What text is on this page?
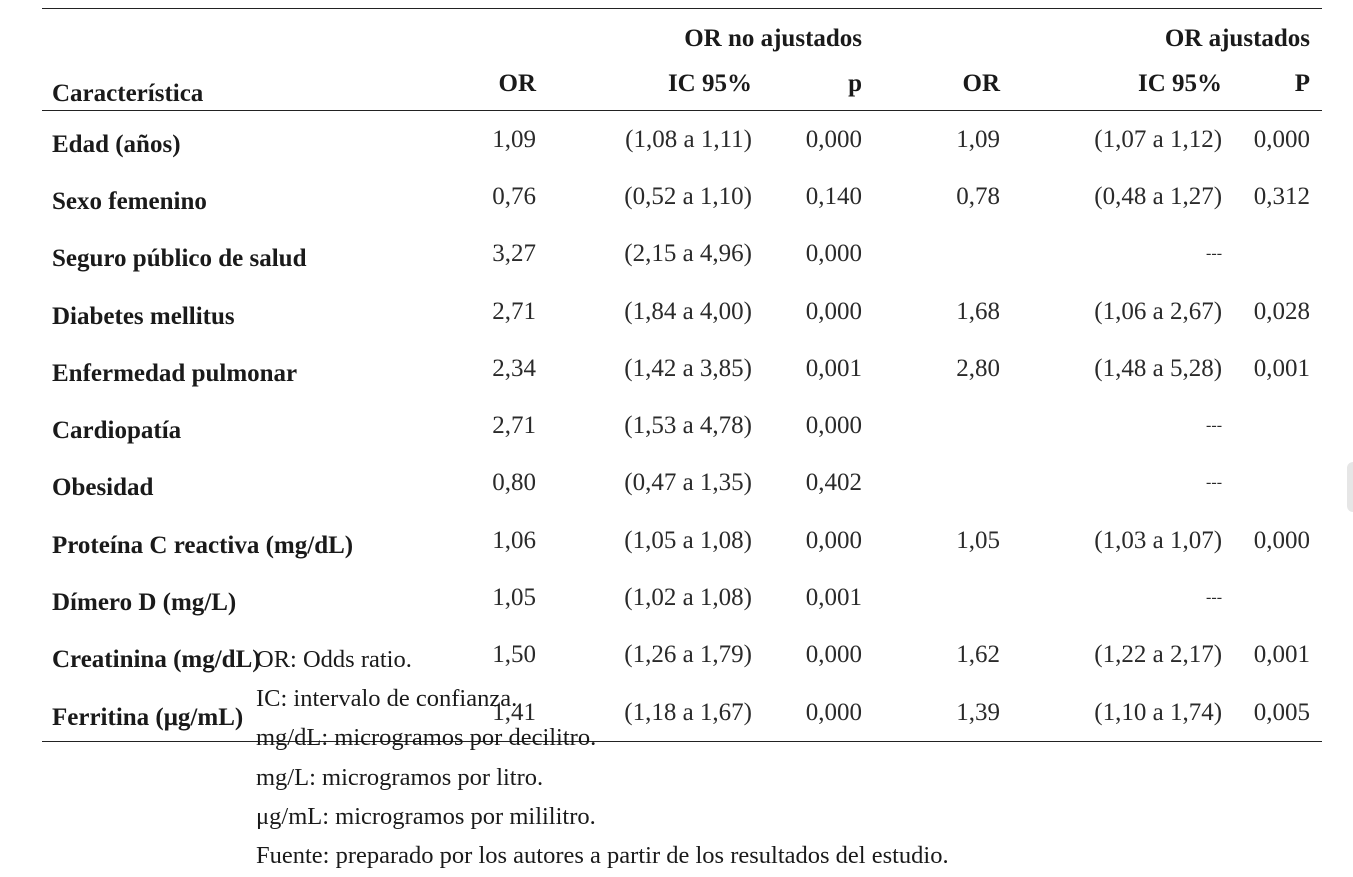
	OR no ajustados			OR ajustados		
Característica	OR	IC 95%	p	OR	IC 95%	P
Edad (años)	1,09	(1,08 a 1,11)	0,000	1,09	(1,07 a 1,12)	0,000
Sexo femenino	0,76	(0,52 a 1,10)	0,140	0,78	(0,48 a 1,27)	0,312
Seguro público de salud	3,27	(2,15 a 4,96)	0,000		---	
Diabetes mellitus	2,71	(1,84 a 4,00)	0,000	1,68	(1,06 a 2,67)	0,028
Enfermedad pulmonar	2,34	(1,42 a 3,85)	0,001	2,80	(1,48 a 5,28)	0,001
Cardiopatía	2,71	(1,53 a 4,78)	0,000		---	
Obesidad	0,80	(0,47 a 1,35)	0,402		---	
Proteína C reactiva (mg/dL)	1,06	(1,05 a 1,08)	0,000	1,05	(1,03 a 1,07)	0,000
Dímero D (mg/L)	1,05	(1,02 a 1,08)	0,001		---	
Creatinina (mg/dL)	1,50	(1,26 a 1,79)	0,000	1,62	(1,22 a 2,17)	0,001
Ferritina (μg/mL)	1,41	(1,18 a 1,67)	0,000	1,39	(1,10 a 1,74)	0,005
OR: Odds ratio.
IC: intervalo de confianza.
mg/dL: microgramos por decilitro.
mg/L: microgramos por litro.
μg/mL: microgramos por mililitro.
Fuente: preparado por los autores a partir de los resultados del estudio.
